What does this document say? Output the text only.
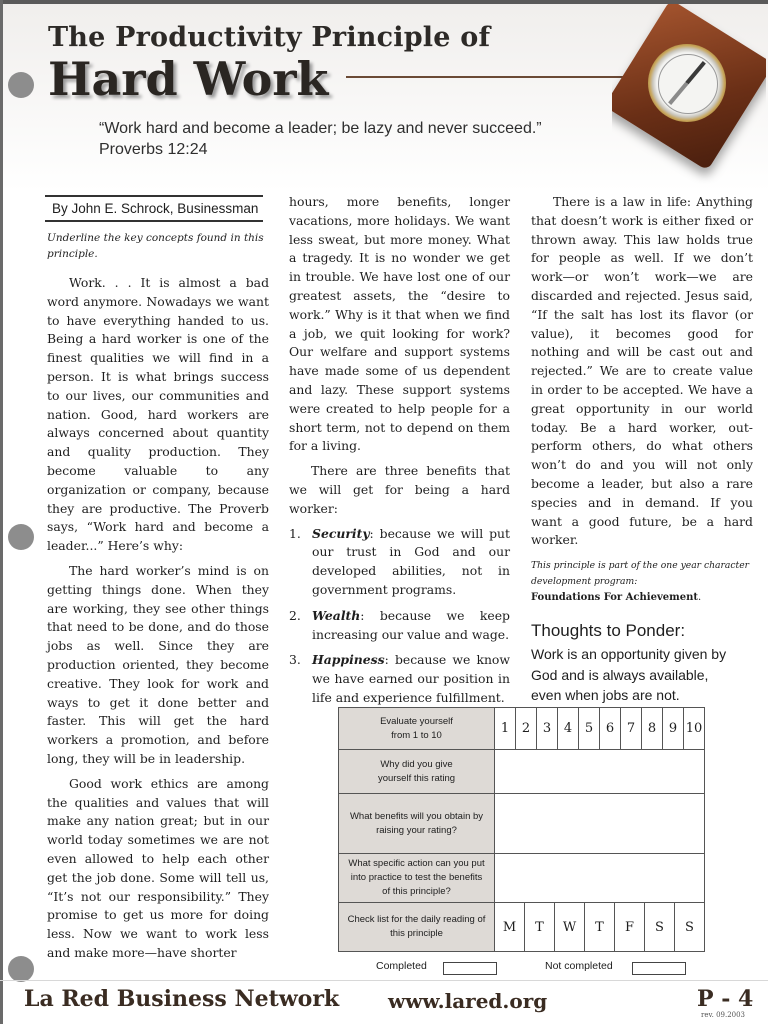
The Productivity Principle of
Hard Work
“Work hard and become a leader; be lazy and never succeed.”
Proverbs 12:24
By John E. Schrock, Businessman
Underline the key concepts found in this principle.

Work. . . It is almost a bad word anymore. Nowadays we want to have everything handed to us. Being a hard worker is one of the finest qualities we will find in a person. It is what brings success to our lives, our communities and nation. Good, hard workers are always concerned about quantity and quality production. They become valuable to any organization or company, because they are productive. The Proverb says, “Work hard and become a leader...” Here’s why:

The hard worker’s mind is on getting things done. When they are working, they see other things that need to be done, and do those jobs as well. Since they are production oriented, they become creative. They look for work and ways to get it done better and faster. This will get the hard workers a promotion, and before long, they will be in leadership.

Good work ethics are among the qualities and values that will make any nation great; but in our world today sometimes we are not even allowed to help each other get the job done. Some will tell us, “It’s not our responsibility.” They promise to get us more for doing less. Now we want to work less and make more—have shorter

hours, more benefits, longer vacations, more holidays. We want less sweat, but more money. What a tragedy. It is no wonder we get in trouble. We have lost one of our greatest assets, the “desire to work.” Why is it that when we find a job, we quit looking for work? Our welfare and support systems have made some of us dependent and lazy. These support systems were created to help people for a short term, not to depend on them for a living.

There are three benefits that we will get for being a hard worker:

1. Security: because we will put our trust in God and our developed abilities, not in government programs.
2. Wealth: because we keep increasing our value and wage.
3. Happiness: because we know we have earned our position in life and experience fulfillment.

There is a law in life: Anything that doesn’t work is either fixed or thrown away. This law holds true for people as well. If we don’t work—or won’t work—we are discarded and rejected. Jesus said, “If the salt has lost its flavor (or value), it becomes good for nothing and will be cast out and rejected.” We are to create value in order to be accepted. We have a great opportunity in our world today. Be a hard worker, out- perform others, do what others won’t do and you will not only become a leader, but also a rare species and in demand. If you want a good future, be a hard worker.

This principle is part of the one year character development program:
Foundations For Achievement.
Thoughts to Ponder:
Work is an opportunity given by
God and is always available,
even when jobs are not.
Evaluate yourself
from 1 to 10	1	2	3	4	5	6	7	8	9	10

Why did you give
yourself this rating

What benefits will you obtain by
raising your rating?

What specific action can you put
into practice to test the benefits
of this principle?

Check list for the daily reading of
this principle
		M	T	W	T	F	S	S
Completed	Not completed
La Red Business Network www.lared.org	P - 4
rev. 09.2003
